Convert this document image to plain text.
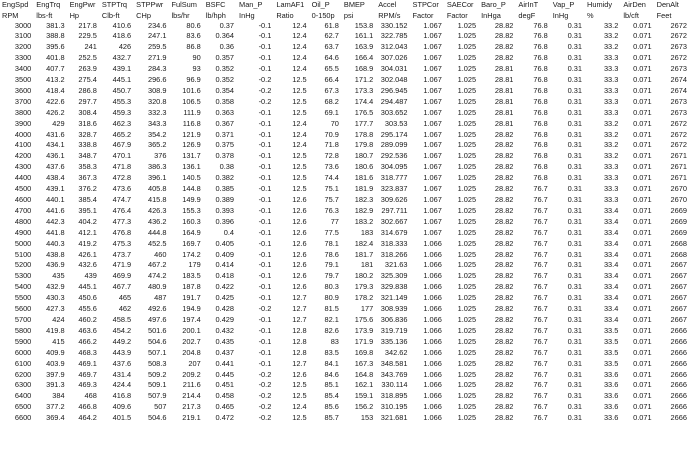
EngSpd	EngTrq	EngPwr	STPTrq	STPPwr	FulSum	BSFC	Man_P	LamAF1	Oil_P	BMEP	Accel	STPCor	SAECor	Baro_P	AirInT	Vap_P	Humidy	AirDen	DenAlt
RPM	lbs-ft	Hp	Clb-ft	CHp	lbs/hr	lb/hph	InHg	Ratio	0-150p	psi	RPM/s	Factor	Factor	InHga	degF	InHg	%	lb/cft	Feet
3000	381.3	217.8	410.6	234.6	80.6	0.37	-0.1	12.4	61.8	153.8	330.152	1.067	1.025	28.82	76.8	0.31	33.2	0.071	2672
3100	388.8	229.5	418.6	247.1	83.6	0.364	-0.1	12.4	62.7	161.1	322.785	1.067	1.025	28.82	76.8	0.31	33.2	0.071	2672
3200	395.6	241	426	259.5	86.8	0.36	-0.1	12.4	63.7	163.9	312.043	1.067	1.025	28.82	76.8	0.31	33.2	0.071	2673
3300	401.8	252.5	432.7	271.9	90	0.357	-0.1	12.4	64.6	166.4	307.026	1.067	1.025	28.82	76.8	0.31	33.3	0.071	2672
3400	407.7	263.9	439.1	284.3	93	0.352	-0.1	12.4	65.5	168.9	304.031	1.067	1.025	28.81	76.8	0.31	33.3	0.071	2673
3500	413.2	275.4	445.1	296.6	96.9	0.352	-0.2	12.5	66.4	171.2	302.048	1.067	1.025	28.81	76.8	0.31	33.3	0.071	2674
3600	418.4	286.8	450.7	308.9	101.6	0.354	-0.2	12.5	67.3	173.3	296.945	1.067	1.025	28.81	76.8	0.31	33.3	0.071	2674
3700	422.6	297.7	455.3	320.8	106.5	0.358	-0.2	12.5	68.2	174.4	294.487	1.067	1.025	28.81	76.8	0.31	33.3	0.071	2673
3800	426.2	308.4	459.3	332.3	111.9	0.363	-0.1	12.5	69.1	176.5	303.652	1.067	1.025	28.81	76.8	0.31	33.3	0.071	2673
3900	429	318.6	462.3	343.3	116.8	0.367	-0.1	12.4	70	177.7	303.53	1.067	1.025	28.81	76.8	0.31	33.2	0.071	2672
4000	431.6	328.7	465.2	354.2	121.9	0.371	-0.1	12.4	70.9	178.8	295.174	1.067	1.025	28.82	76.8	0.31	33.2	0.071	2672
4100	434.1	338.8	467.9	365.2	126.9	0.375	-0.1	12.4	71.8	179.8	289.099	1.067	1.025	28.82	76.8	0.31	33.2	0.071	2672
4200	436.1	348.7	470.1	376	131.7	0.378	-0.1	12.5	72.8	180.7	292.536	1.067	1.025	28.82	76.8	0.31	33.2	0.071	2671
4300	437.6	358.3	471.8	386.3	136.1	0.38	-0.1	12.5	73.6	180.6	304.095	1.067	1.025	28.82	76.8	0.31	33.3	0.071	2671
4400	438.4	367.3	472.8	396.1	140.5	0.382	-0.1	12.5	74.4	181.6	318.777	1.067	1.025	28.82	76.8	0.31	33.3	0.071	2671
4500	439.1	376.2	473.6	405.8	144.8	0.385	-0.1	12.5	75.1	181.9	323.837	1.067	1.025	28.82	76.7	0.31	33.3	0.071	2670
4600	440.1	385.4	474.7	415.8	149.9	0.389	-0.1	12.6	75.7	182.3	309.626	1.067	1.025	28.82	76.7	0.31	33.3	0.071	2670
4700	441.6	395.1	476.4	426.3	155.3	0.393	-0.1	12.6	76.3	182.9	297.711	1.067	1.025	28.82	76.7	0.31	33.4	0.071	2669
4800	442.3	404.2	477.3	436.2	160.3	0.396	-0.1	12.6	77	183.2	302.667	1.067	1.025	28.82	76.7	0.31	33.4	0.071	2669
4900	441.8	412.1	476.8	444.8	164.9	0.4	-0.1	12.6	77.5	183	314.679	1.067	1.025	28.82	76.7	0.31	33.4	0.071	2669
5000	440.3	419.2	475.3	452.5	169.7	0.405	-0.1	12.6	78.1	182.4	318.333	1.066	1.025	28.82	76.7	0.31	33.4	0.071	2668
5100	438.8	426.1	473.7	460	174.2	0.409	-0.1	12.6	78.6	181.7	318.266	1.066	1.025	28.82	76.7	0.31	33.4	0.071	2668
5200	436.9	432.6	471.9	467.2	179	0.414	-0.1	12.6	79.1	181	321.63	1.066	1.025	28.82	76.7	0.31	33.4	0.071	2667
5300	435	439	469.9	474.2	183.5	0.418	-0.1	12.6	79.7	180.2	325.309	1.066	1.025	28.82	76.7	0.31	33.4	0.071	2667
5400	432.9	445.1	467.7	480.9	187.8	0.422	-0.1	12.6	80.3	179.3	329.838	1.066	1.025	28.82	76.7	0.31	33.4	0.071	2667
5500	430.3	450.6	465	487	191.7	0.425	-0.1	12.7	80.9	178.2	321.149	1.066	1.025	28.82	76.7	0.31	33.4	0.071	2667
5600	427.3	455.6	462	492.6	194.9	0.428	-0.2	12.7	81.5	177	308.939	1.066	1.025	28.82	76.7	0.31	33.4	0.071	2667
5700	424	460.2	458.5	497.6	197.4	0.429	-0.1	12.7	82.1	175.6	306.836	1.066	1.025	28.82	76.7	0.31	33.4	0.071	2667
5800	419.8	463.6	454.2	501.6	200.1	0.432	-0.1	12.8	82.6	173.9	319.719	1.066	1.025	28.82	76.7	0.31	33.5	0.071	2666
5900	415	466.2	449.2	504.6	202.7	0.435	-0.1	12.8	83	171.9	335.136	1.066	1.025	28.82	76.7	0.31	33.5	0.071	2666
6000	409.9	468.3	443.9	507.1	204.8	0.437	-0.1	12.8	83.5	169.8	342.62	1.066	1.025	28.82	76.7	0.31	33.5	0.071	2666
6100	403.9	469.1	437.6	508.3	207	0.441	-0.1	12.7	84.1	167.3	348.581	1.066	1.025	28.82	76.7	0.31	33.5	0.071	2666
6200	397.9	469.7	431.4	509.2	209.2	0.445	-0.2	12.6	84.6	164.8	343.769	1.066	1.025	28.82	76.7	0.31	33.6	0.071	2666
6300	391.3	469.3	424.4	509.1	211.6	0.451	-0.2	12.5	85.1	162.1	330.114	1.066	1.025	28.82	76.7	0.31	33.6	0.071	2666
6400	384	468	416.8	507.9	214.4	0.458	-0.2	12.5	85.4	159.1	318.895	1.066	1.025	28.82	76.7	0.31	33.6	0.071	2666
6500	377.2	466.8	409.6	507	217.3	0.465	-0.2	12.4	85.6	156.2	310.195	1.066	1.025	28.82	76.7	0.31	33.6	0.071	2666
6600	369.4	464.2	401.5	504.6	219.1	0.472	-0.2	12.5	85.7	153	321.681	1.066	1.025	28.82	76.7	0.31	33.6	0.071	2666
